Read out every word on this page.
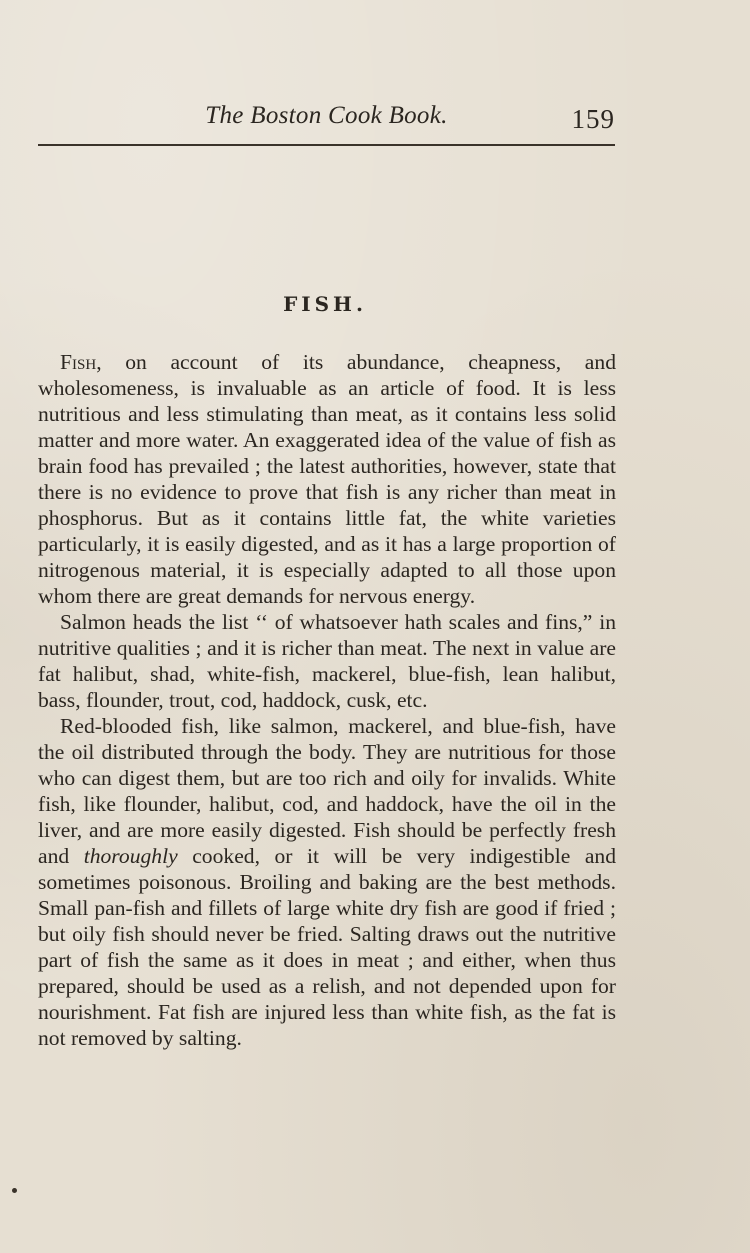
The Boston Cook Book.	159
FISH.

Fish, on account of its abundance, cheapness, and wholesomeness, is invaluable as an article of food. It is less nutritious and less stimulating than meat, as it contains less solid matter and more water. An exaggerated idea of the value of fish as brain food has prevailed ; the latest authorities, however, state that there is no evidence to prove that fish is any richer than meat in phosphorus. But as it contains little fat, the white varieties particularly, it is easily digested, and as it has a large proportion of nitrogenous material, it is especially adapted to all those upon whom there are great demands for nervous energy.

Salmon heads the list ‘‘ of whatsoever hath scales and fins,” in nutritive qualities ; and it is richer than meat. The next in value are fat halibut, shad, white-fish, mackerel, blue-fish, lean halibut, bass, flounder, trout, cod, haddock, cusk, etc.

Red-blooded fish, like salmon, mackerel, and blue-fish, have the oil distributed through the body. They are nutritious for those who can digest them, but are too rich and oily for invalids. White fish, like flounder, halibut, cod, and haddock, have the oil in the liver, and are more easily digested. Fish should be perfectly fresh and thoroughly cooked, or it will be very indigestible and sometimes poisonous. Broiling and baking are the best methods. Small pan-fish and fillets of large white dry fish are good if fried ; but oily fish should never be fried. Salting draws out the nutritive part of fish the same as it does in meat ; and either, when thus prepared, should be used as a relish, and not depended upon for nourishment. Fat fish are injured less than white fish, as the fat is not removed by salting.
